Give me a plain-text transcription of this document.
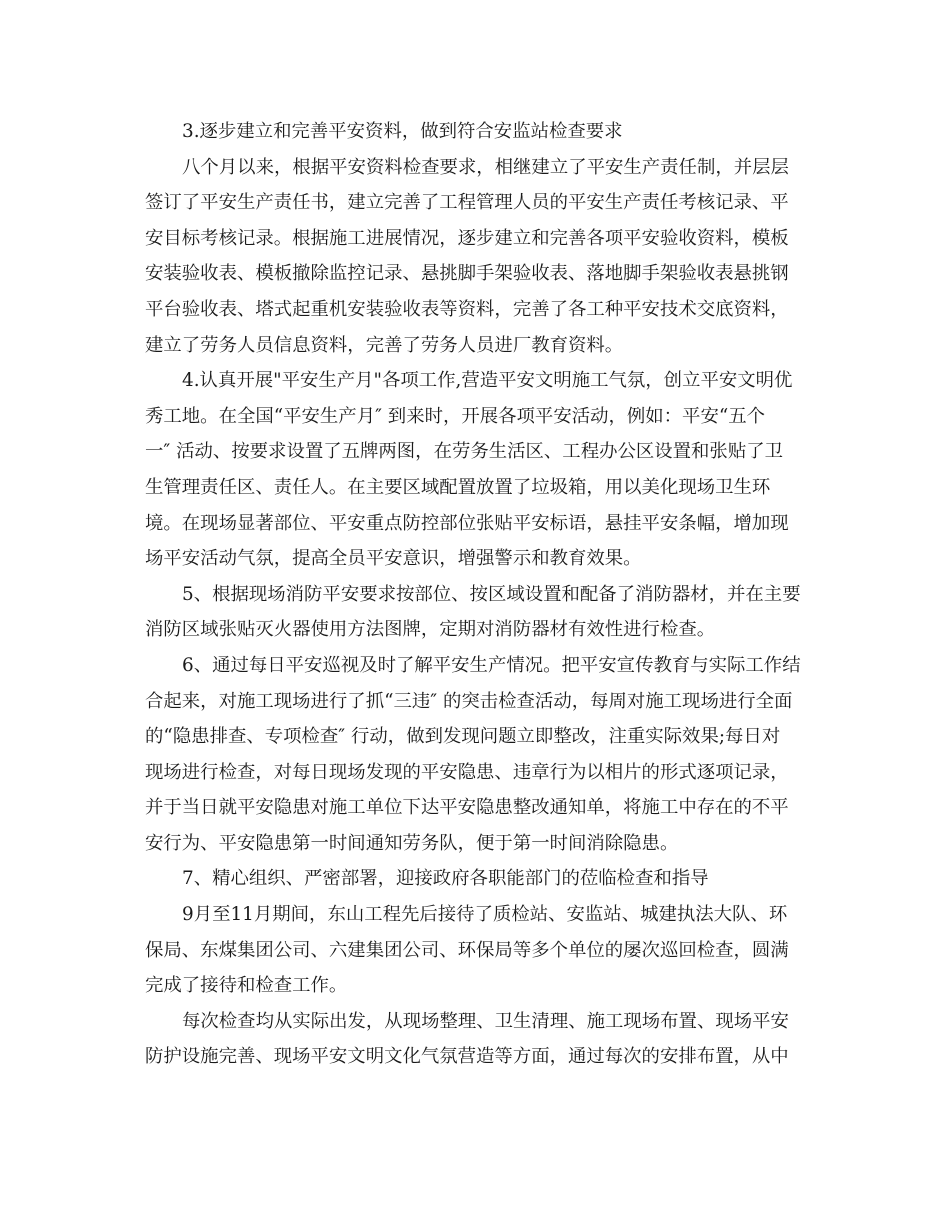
3.逐步建立和完善平安资料，做到符合安监站检查要求

八个月以来，根据平安资料检查要求，相继建立了平安生产责任制，并层层
签订了平安生产责任书，建立完善了工程管理人员的平安生产责任考核记录、平
安目标考核记录。根据施工进展情况，逐步建立和完善各项平安验收资料，模板
安装验收表、模板撤除监控记录、悬挑脚手架验收表、落地脚手架验收表悬挑钢
平台验收表、塔式起重机安装验收表等资料，完善了各工种平安技术交底资料，
建立了劳务人员信息资料，完善了劳务人员进厂教育资料。

4.认真开展"平安生产月"各项工作,营造平安文明施工气氛，创立平安文明优
秀工地。在全国“平安生产月″ 到来时，开展各项平安活动，例如：平安“五个
一″ 活动、按要求设置了五牌两图，在劳务生活区、工程办公区设置和张贴了卫
生管理责任区、责任人。在主要区域配置放置了垃圾箱，用以美化现场卫生环
境。在现场显著部位、平安重点防控部位张贴平安标语，悬挂平安条幅，增加现
场平安活动气氛，提高全员平安意识，增强警示和教育效果。

5、根据现场消防平安要求按部位、按区域设置和配备了消防器材，并在主要
消防区域张贴灭火器使用方法图牌，定期对消防器材有效性进行检查。

6、通过每日平安巡视及时了解平安生产情况。把平安宣传教育与实际工作结
合起来，对施工现场进行了抓“三违″ 的突击检查活动，每周对施工现场进行全面
的“隐患排查、专项检查″ 行动，做到发现问题立即整改，注重实际效果;每日对
现场进行检查，对每日现场发现的平安隐患、违章行为以相片的形式逐项记录，
并于当日就平安隐患对施工单位下达平安隐患整改通知单，将施工中存在的不平
安行为、平安隐患第一时间通知劳务队，便于第一时间消除隐患。

7、精心组织、严密部署，迎接政府各职能部门的莅临检查和指导

9月至11月期间，东山工程先后接待了质检站、安监站、城建执法大队、环
保局、东煤集团公司、六建集团公司、环保局等多个单位的屡次巡回检查，圆满
完成了接待和检查工作。

每次检查均从实际出发，从现场整理、卫生清理、施工现场布置、现场平安
防护设施完善、现场平安文明文化气氛营造等方面，通过每次的安排布置，从中
